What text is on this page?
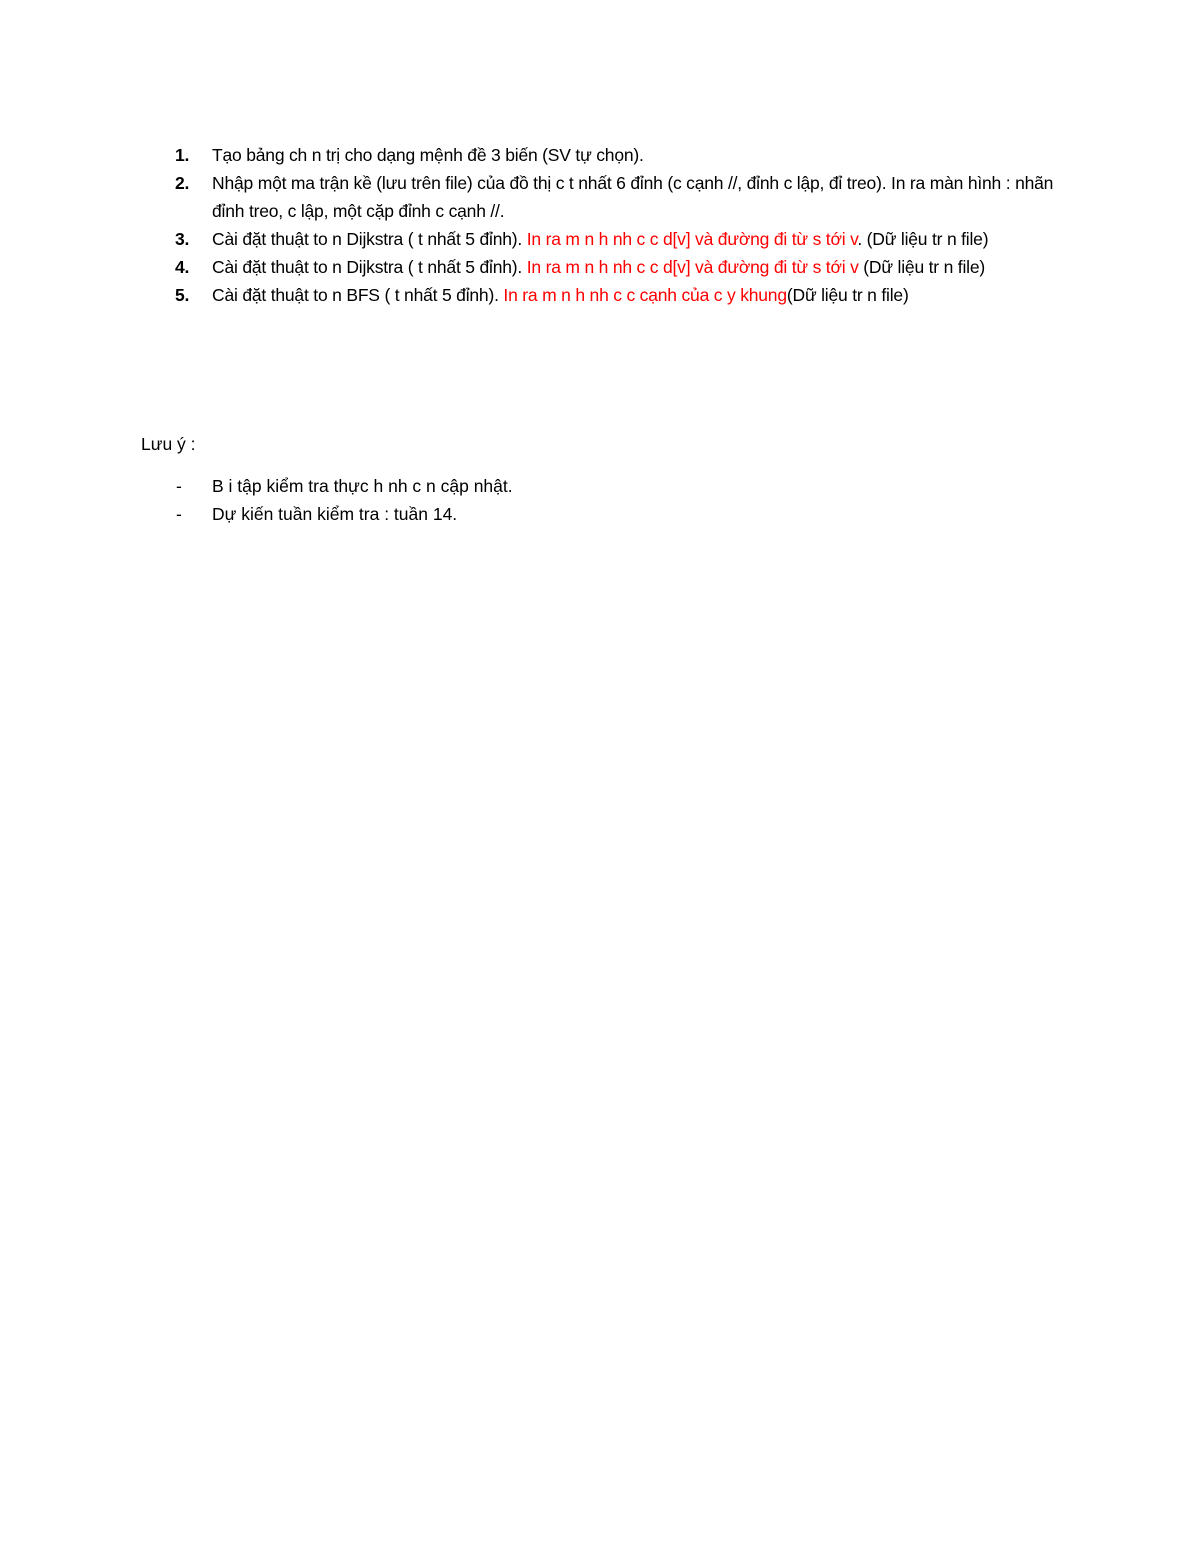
1. Tạo bảng ch n trị cho dạng mệnh đề 3 biến (SV tự chọn).
2. Nhập một ma trận kề (lưu trên file) của đồ thị c t nhất 6 đỉnh (c cạnh //, đỉnh c lập, đỉ treo). In ra màn hình : nhãn đỉnh treo, c lập, một cặp đỉnh c cạnh //.
3. Cài đặt thuật to n Dijkstra ( t nhất 5 đỉnh). In ra m n h nh c c d[v] và đường đi từ s tới v. (Dữ liệu tr n file)
4. Cài đặt thuật to n Dijkstra ( t nhất 5 đỉnh). In ra m n h nh c c d[v] và đường đi từ s tới v (Dữ liệu tr n file)
5. Cài đặt thuật to n BFS ( t nhất 5 đỉnh). In ra m n h nh c c cạnh của c y khung(Dữ liệu tr n file)
Lưu ý :
- B i tập kiểm tra thực h nh c n cập nhật.
- Dự kiến tuần kiểm tra : tuần 14.
